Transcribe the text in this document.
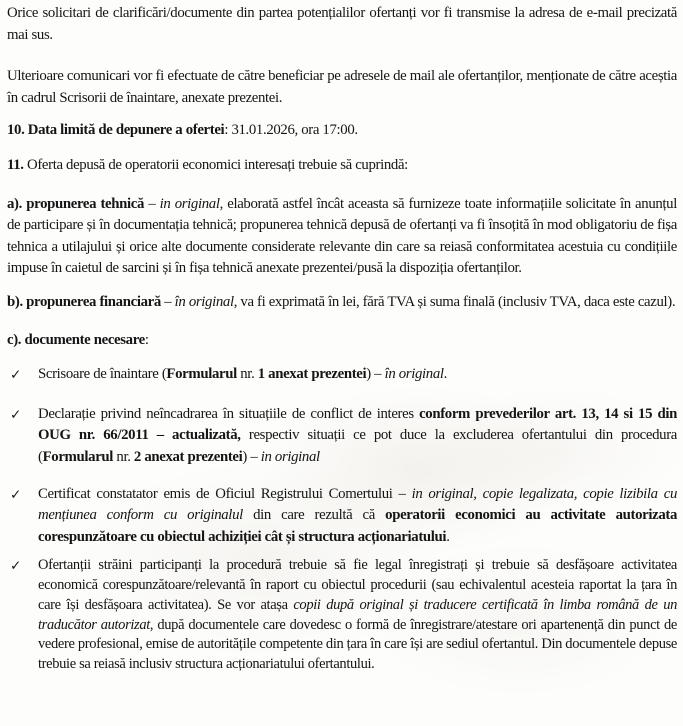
Orice solicitari de clarificări/documente din partea potențialilor ofertanți vor fi transmise la adresa de e-mail precizată mai sus.

Ulterioare comunicari vor fi efectuate de către beneficiar pe adresele de mail ale ofertanților, menționate de către aceștia în cadrul Scrisorii de înaintare, anexate prezentei.

10. Data limită de depunere a ofertei: 31.01.2026, ora 17:00.

11. Oferta depusă de operatorii economici interesați trebuie să cuprindă:

a). propunerea tehnică – in original, elaborată astfel încât aceasta să furnizeze toate informațiile solicitate în anunțul de participare și în documentația tehnică; propunerea tehnică depusă de ofertanți va fi însoțită în mod obligatoriu de fișa tehnica a utilajului și orice alte documente considerate relevante din care sa reiasă conformitatea acestuia cu condițiile impuse în caietul de sarcini și în fișa tehnică anexate prezentei/pusă la dispoziția ofertanților.

b). propunerea financiară – în original, va fi exprimată în lei, fără TVA și suma finală (inclusiv TVA, daca este cazul).

c). documente necesare:

✓ Scrisoare de înaintare (Formularul nr. 1 anexat prezentei) – în original.
✓ Declarație privind neîncadrarea în situațiile de conflict de interes conform prevederilor art. 13, 14 si 15 din OUG nr. 66/2011 – actualizată, respectiv situații ce pot duce la excluderea ofertantului din procedura (Formularul nr. 2 anexat prezentei) – in original
✓ Certificat constatator emis de Oficiul Registrului Comertului – in original, copie legalizata, copie lizibila cu mențiunea conform cu originalul din care rezultă că operatorii economici au activitate autorizata corespunzătoare cu obiectul achiziției cât și structura acționariatului.
✓ Ofertanții străini participanți la procedură trebuie să fie legal înregistrați și trebuie să desfășoare activitatea economică corespunzătoare/relevantă în raport cu obiectul procedurii (sau echivalentul acesteia raportat la țara în care își desfășoara activitatea). Se vor atașa copii după original și traducere certificată în limba română de un traducător autorizat, după documentele care dovedesc o formă de înregistrare/atestare ori apartenență din punct de vedere profesional, emise de autoritățile competente din țara în care își are sediul ofertantul. Din documentele depuse trebuie sa reiasă inclusiv structura acționariatului ofertantului.
